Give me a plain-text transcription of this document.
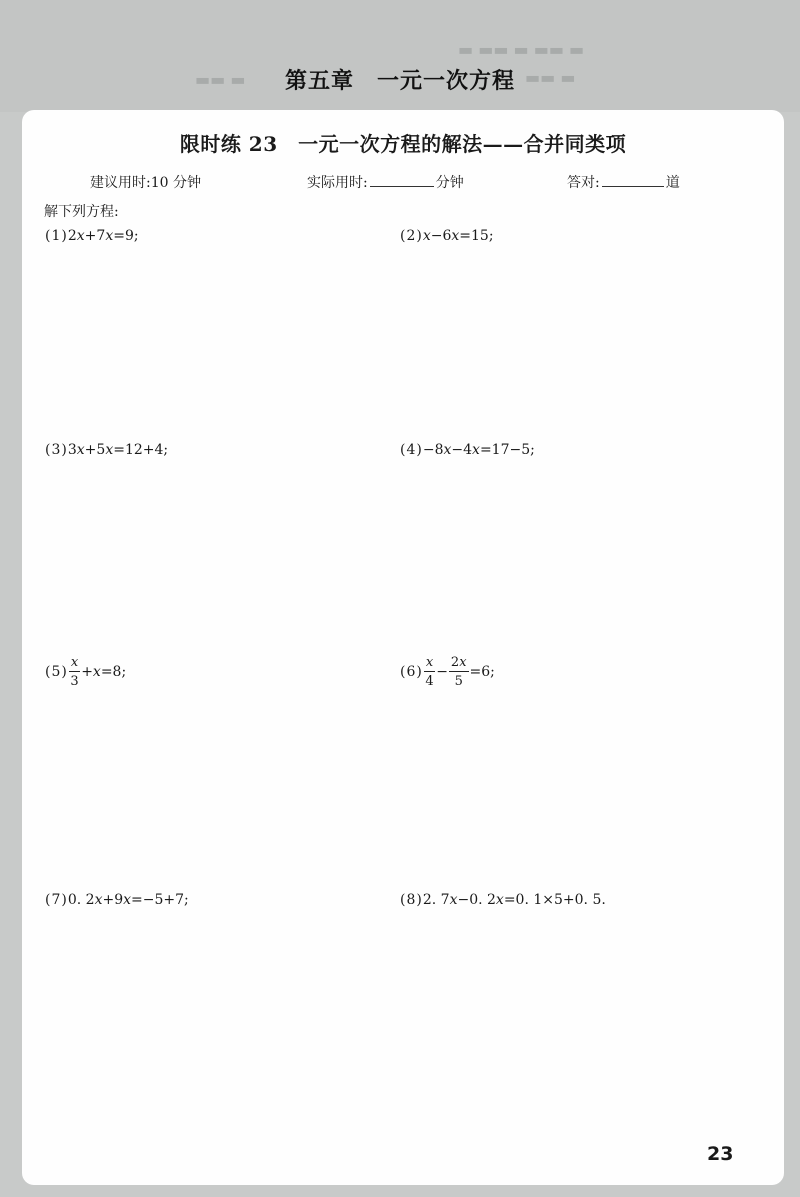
▬ ▬▬ ▬ ▬▬ ▬
▬▬ ▬	▬▬ ▬
第五章　一元一次方程
限时练 23　一元一次方程的解法——合并同类项
建议用时:10 分钟	实际用时:	分钟	答对:	道
解下列方程:
(1)2x+7x=9;	(2)x−6x=15;
(3)3x+5x=12+4;	(4)−8x−4x=17−5;
$(5) \frac{x}{3} +x=8$;	$(6) \frac{x}{4} - \frac{2x}{5} =6$;
(7)0. 2x+9x=−5+7;	(8)2. 7x−0. 2x=0. 1×5+0. 5.
23
